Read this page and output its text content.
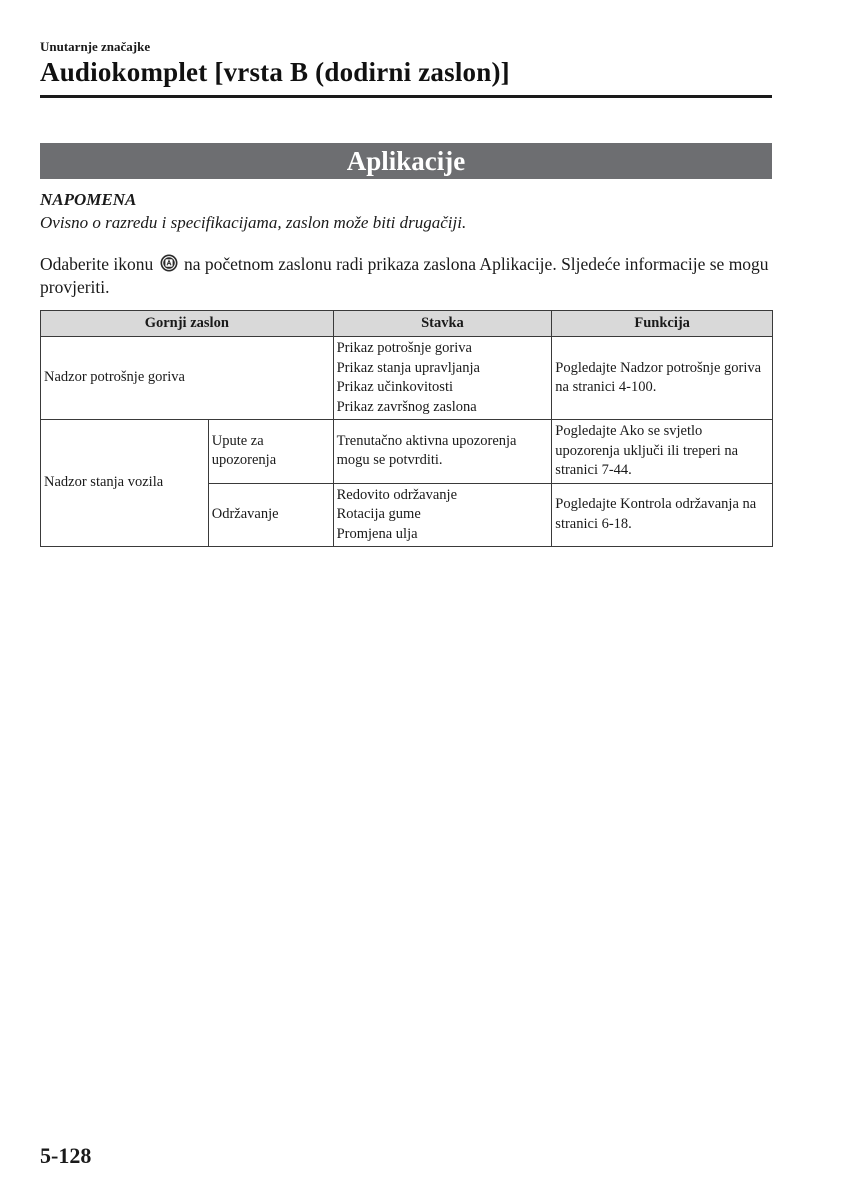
Unutarnje značajke
Audiokomplet [vrsta B (dodirni zaslon)]
Aplikacije
NAPOMENA
Ovisno o razredu i specifikacijama, zaslon može biti drugačiji.
Odaberite ikonu na početnom zaslonu radi prikaza zaslona Aplikacije. Sljedeće informacije se mogu provjeriti.
Gornji zaslon		Stavka	Funkcija
Nadzor potrošnje goriva		Prikaz potrošnje goriva
Prikaz stanja upravljanja
Prikaz učinkovitosti
Prikaz završnog zaslona	Pogledajte Nadzor potrošnje goriva na stranici 4-100.
Nadzor stanja vozila	Upute za upozorenja	Trenutačno aktivna upozorenja mogu se potvrditi.	Pogledajte Ako se svjetlo upozorenja uključi ili treperi na stranici 7-44.
	Održavanje	Redovito održavanje
Rotacija gume
Promjena ulja	Pogledajte Kontrola održavanja na stranici 6-18.
5-128
